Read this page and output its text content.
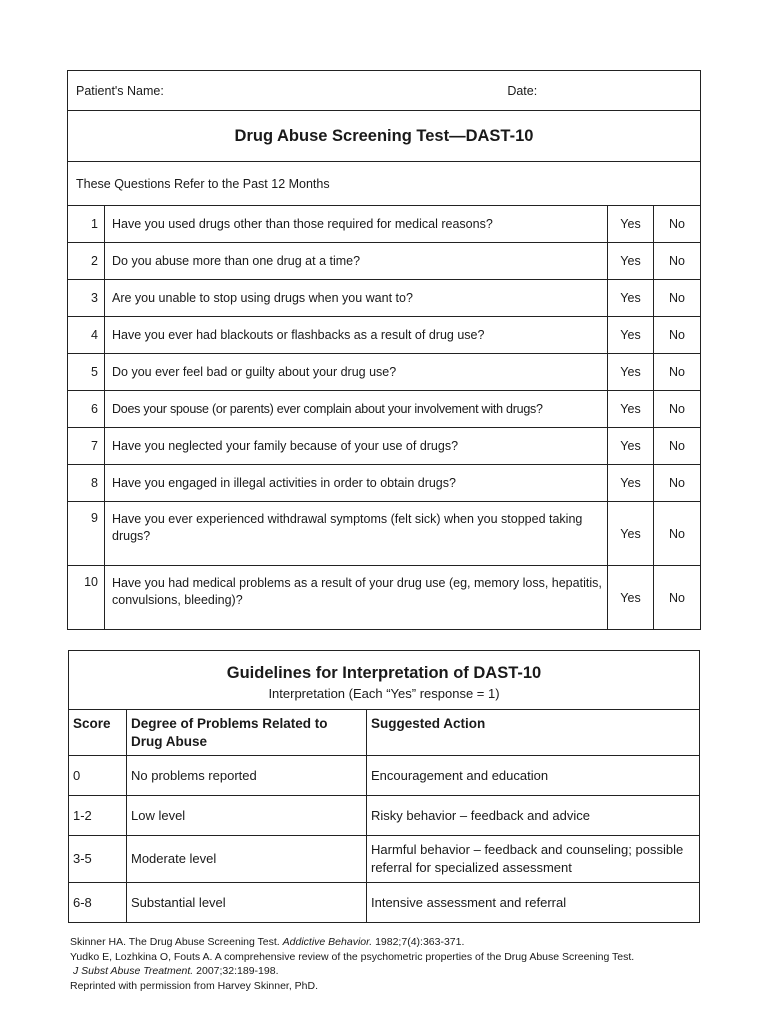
Patient's Name: Date:			
Drug Abuse Screening Test—DAST-10			
These Questions Refer to the Past 12 Months			
1	Have you used drugs other than those required for medical reasons?	Yes	No
2	Do you abuse more than one drug at a time?	Yes	No
3	Are you unable to stop using drugs when you want to?	Yes	No
4	Have you ever had blackouts or flashbacks as a result of drug use?	Yes	No
5	Do you ever feel bad or guilty about your drug use?	Yes	No
6	Does your spouse (or parents) ever complain about your involvement with drugs?	Yes	No
7	Have you neglected your family because of your use of drugs?	Yes	No
8	Have you engaged in illegal activities in order to obtain drugs?	Yes	No
9	Have you ever experienced withdrawal symptoms (felt sick) when you stopped taking drugs?	Yes	No
10	Have you had medical problems as a result of your drug use (eg, memory loss, hepatitis, convulsions, bleeding)?	Yes	No
Guidelines for Interpretation of DAST-10
Interpretation (Each “Yes” response = 1)		

Score	Degree of Problems Related to Drug Abuse	Suggested Action
0	No problems reported	Encouragement and education
1-2	Low level	Risky behavior – feedback and advice
3-5	Moderate level	Harmful behavior – feedback and counseling; possible referral for specialized assessment
6-8	Substantial level	Intensive assessment and referral
Skinner HA. The Drug Abuse Screening Test. Addictive Behavior. 1982;7(4):363-371.
Yudko E, Lozhkina O, Fouts A. A comprehensive review of the psychometric properties of the Drug Abuse Screening Test.
J Subst Abuse Treatment. 2007;32:189-198.
Reprinted with permission from Harvey Skinner, PhD.
